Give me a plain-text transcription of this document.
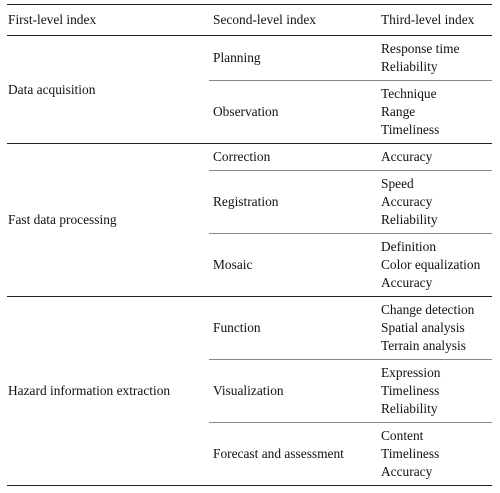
First-level index	Second-level index	Third-level index
Data acquisition	Planning	Response time
Reliability

	Observation	Technique
Range
Timeliness

Fast data processing	Correction	Accuracy

	Registration	Speed
Accuracy
Reliability

	Mosaic	Definition
Color equalization
Accuracy

Hazard information extraction	Function	Change detection
Spatial analysis
Terrain analysis

	Visualization	Expression
Timeliness
Reliability

	Forecast and assessment	Content
Timeliness
Accuracy
